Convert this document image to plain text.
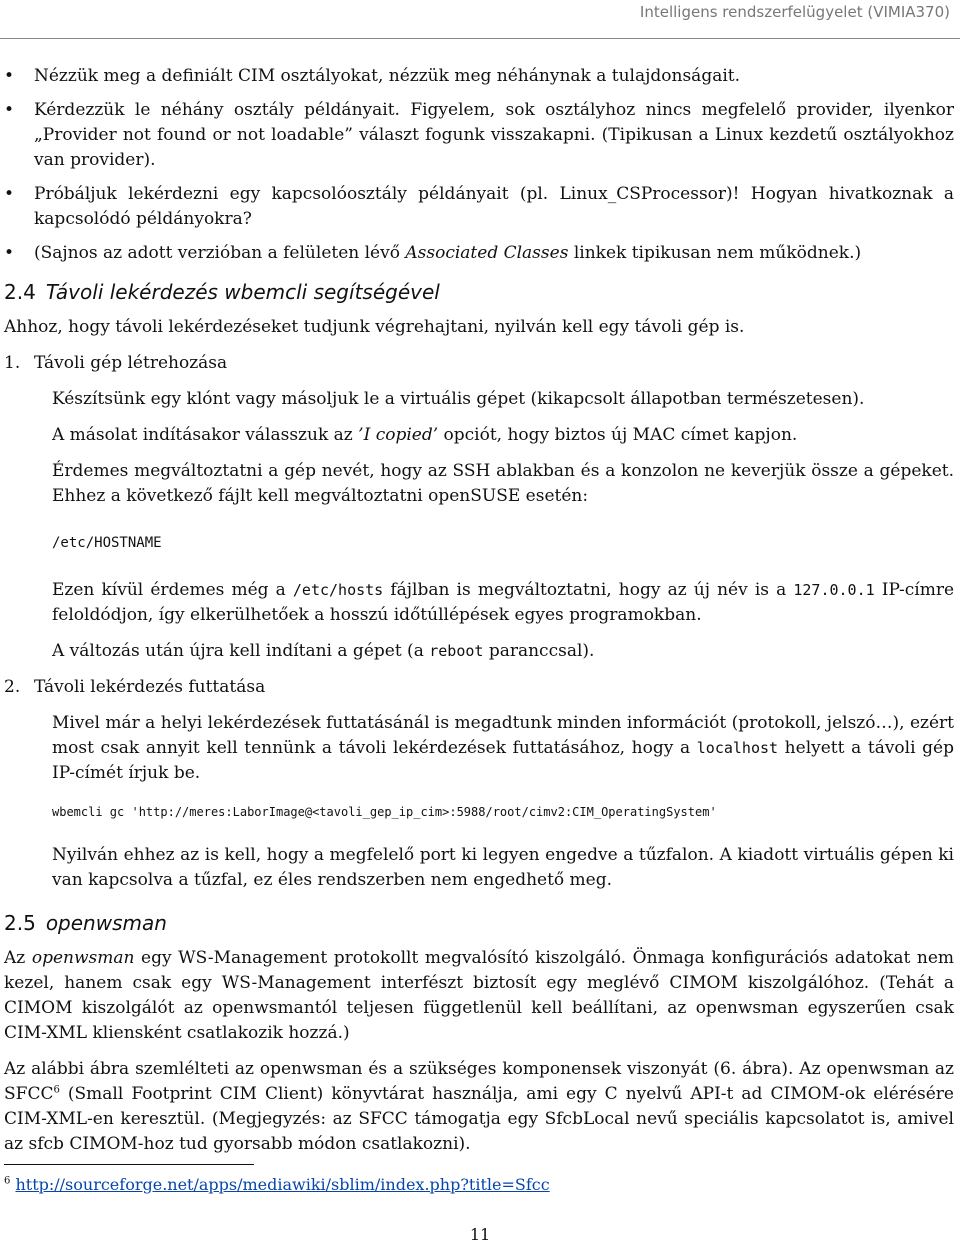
Intelligens rendszerfelügyelet (VIMIA370)
• Nézzük meg a definiált CIM osztályokat, nézzük meg néhánynak a tulajdonságait.
• Kérdezzük le néhány osztály példányait. Figyelem, sok osztályhoz nincs megfelelő provider, ilyenkor „Provider not found or not loadable” választ fogunk visszakapni. (Tipikusan a Linux kezdetű osztályokhoz van provider).
• Próbáljuk lekérdezni egy kapcsolóosztály példányait (pl. Linux_CSProcessor)! Hogyan hivatkoznak a kapcsolódó példányokra?
• (Sajnos az adott verzióban a felületen lévő Associated Classes linkek tipikusan nem működnek.)
2.4 Távoli lekérdezés wbemcli segítségével

Ahhoz, hogy távoli lekérdezéseket tudjunk végrehajtani, nyilván kell egy távoli gép is.

1. Távoli gép létrehozása

Készítsünk egy klónt vagy másoljuk le a virtuális gépet (kikapcsolt állapotban természetesen).

A másolat indításakor válasszuk az ’I copied’ opciót, hogy biztos új MAC címet kapjon.

Érdemes megváltoztatni a gép nevét, hogy az SSH ablakban és a konzolon ne keverjük össze a gépeket. Ehhez a következő fájlt kell megváltoztatni openSUSE esetén:

/etc/HOSTNAME

Ezen kívül érdemes még a /etc/hosts fájlban is megváltoztatni, hogy az új név is a 127.0.0.1 IP-címre feloldódjon, így elkerülhetőek a hosszú időtúllépések egyes programokban.

A változás után újra kell indítani a gépet (a reboot paranccsal).

2. Távoli lekérdezés futtatása

Mivel már a helyi lekérdezések futtatásánál is megadtunk minden információt (protokoll, jelszó…), ezért most csak annyit kell tennünk a távoli lekérdezések futtatásához, hogy a localhost helyett a távoli gép IP-címét írjuk be.

wbemcli gc 'http://meres:LaborImage@<tavoli_gep_ip_cim>:5988/root/cimv2:CIM_OperatingSystem'

Nyilván ehhez az is kell, hogy a megfelelő port ki legyen engedve a tűzfalon. A kiadott virtuális gépen ki van kapcsolva a tűzfal, ez éles rendszerben nem engedhető meg.

2.5 openwsman

Az openwsman egy WS-Management protokollt megvalósító kiszolgáló. Önmaga konfigurációs adatokat nem kezel, hanem csak egy WS-Management interfészt biztosít egy meglévő CIMOM kiszolgálóhoz. (Tehát a CIMOM kiszolgálót az openwsmantól teljesen függetlenül kell beállítani, az openwsman egyszerűen csak CIM-XML kliensként csatlakozik hozzá.)

Az alábbi ábra szemlélteti az openwsman és a szükséges komponensek viszonyát (6. ábra). Az openwsman az SFCC$^6$ (Small Footprint CIM Client) könyvtárat használja, ami egy C nyelvű API-t ad CIMOM-ok elérésére CIM-XML-en keresztül. (Megjegyzés: az SFCC támogatja egy SfcbLocal nevű speciális kapcsolatot is, amivel az sfcb CIMOM-hoz tud gyorsabb módon csatlakozni).

$^6$ http://sourceforge.net/apps/mediawiki/sblim/index.php?title=Sfcc
11
